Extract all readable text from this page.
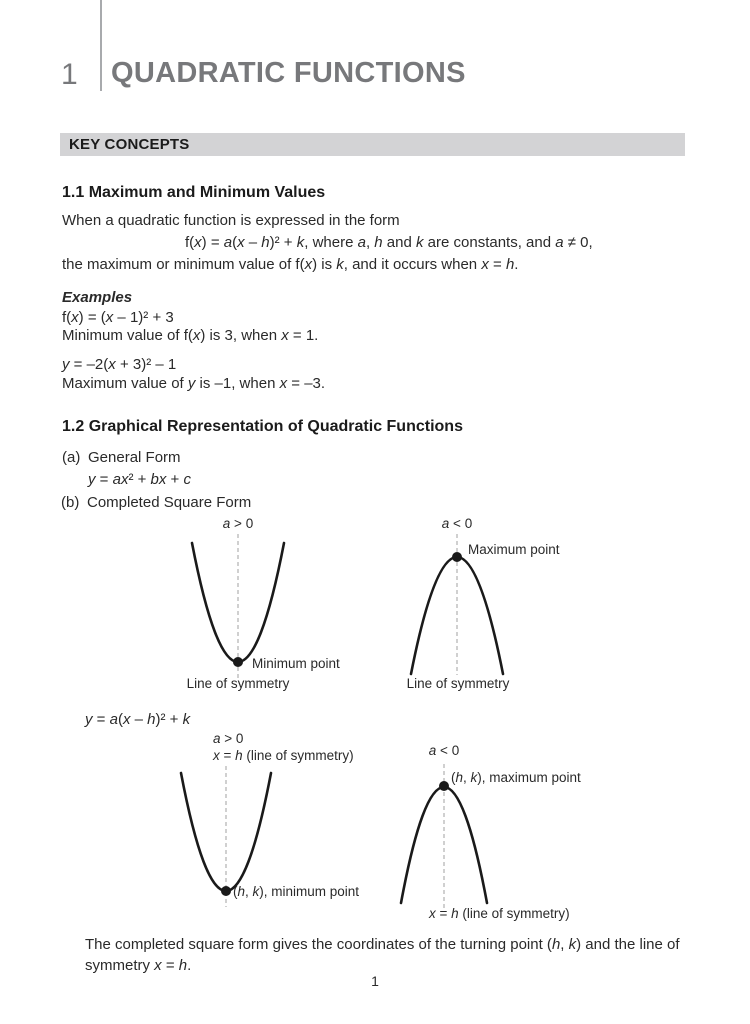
1 QUADRATIC FUNCTIONS
KEY CONCEPTS
1.1 Maximum and Minimum Values
When a quadratic function is expressed in the form
f(x) = a(x – h)² + k, where a, h and k are constants, and a ≠ 0,
the maximum or minimum value of f(x) is k, and it occurs when x = h.
Examples
f(x) = (x – 1)² + 3
Minimum value of f(x) is 3, when x = 1.
y = –2(x + 3)² – 1
Maximum value of y is –1, when x = –3.
1.2 Graphical Representation of Quadratic Functions
(a) General Form
y = ax² + bx + c
(b) Completed Square Form
a > 0
Minimum point
Line of symmetry
a < 0
Maximum point
Line of symmetry
y = a(x – h)² + k
a > 0
x = h (line of symmetry)
(h, k), minimum point
a < 0
(h, k), maximum point
x = h (line of symmetry)
The completed square form gives the coordinates of the turning point (h, k) and the line of
symmetry x = h.
1
